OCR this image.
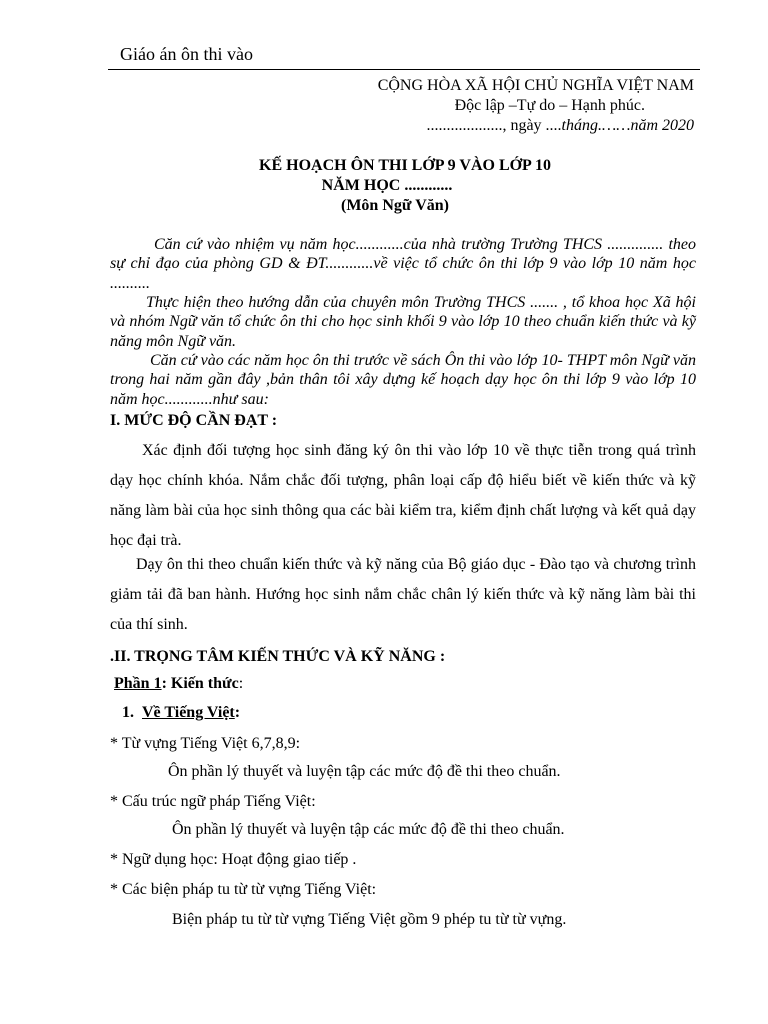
Giáo án ôn thi vào
CỘNG HÒA XÃ HỘI CHỦ NGHĨA VIỆT NAM
Độc lập –Tự do – Hạnh phúc.
..................., ngày ....tháng.……năm 2020
KẾ HOẠCH ÔN THI LỚP 9 VÀO LỚP 10
NĂM HỌC ............
(Môn Ngữ Văn)

Căn cứ vào nhiệm vụ năm học............của nhà trường Trường THCS .............. theo sự chỉ đạo của phòng GD & ĐT............về việc tổ chức ôn thi lớp 9 vào lớp 10 năm học ..........

Thực hiện theo hướng dẫn của chuyên môn Trường THCS ....... , tổ khoa học Xã hội và nhóm Ngữ văn tổ chức ôn thi cho học sinh khối 9 vào lớp 10 theo chuẩn kiến thức và kỹ năng môn Ngữ văn.

Căn cứ vào các năm học ôn thi trước về sách Ôn thi vào lớp 10- THPT môn Ngữ văn trong hai năm gần đây ,bản thân tôi xây dựng kế hoạch dạy học ôn thi lớp 9 vào lớp 10 năm học............như sau:

I. MỨC ĐỘ CẦN ĐẠT :

Xác định đối tượng học sinh đăng ký ôn thi vào lớp 10 về thực tiễn trong quá trình dạy học chính khóa. Nắm chắc đối tượng, phân loại cấp độ hiểu biết về kiến thức và kỹ năng làm bài của học sinh thông qua các bài kiểm tra, kiểm định chất lượng và kết quả dạy học đại trà.

Dạy ôn thi theo chuẩn kiến thức và kỹ năng của Bộ giáo dục - Đào tạo và chương trình giảm tải đã ban hành. Hướng học sinh nắm chắc chân lý kiến thức và kỹ năng làm bài thi của thí sinh.

.II. TRỌNG TÂM KIẾN THỨC VÀ KỸ NĂNG :
Phần 1: Kiến thức:
1. Về Tiếng Việt:
* Từ vựng Tiếng Việt 6,7,8,9:
Ôn phần lý thuyết và luyện tập các mức độ đề thi theo chuẩn.
* Cấu trúc ngữ pháp Tiếng Việt:
Ôn phần lý thuyết và luyện tập các mức độ đề thi theo chuẩn.
* Ngữ dụng học: Hoạt động giao tiếp .
* Các biện pháp tu từ từ vựng Tiếng Việt:
Biện pháp tu từ từ vựng Tiếng Việt gồm 9 phép tu từ từ vựng.
